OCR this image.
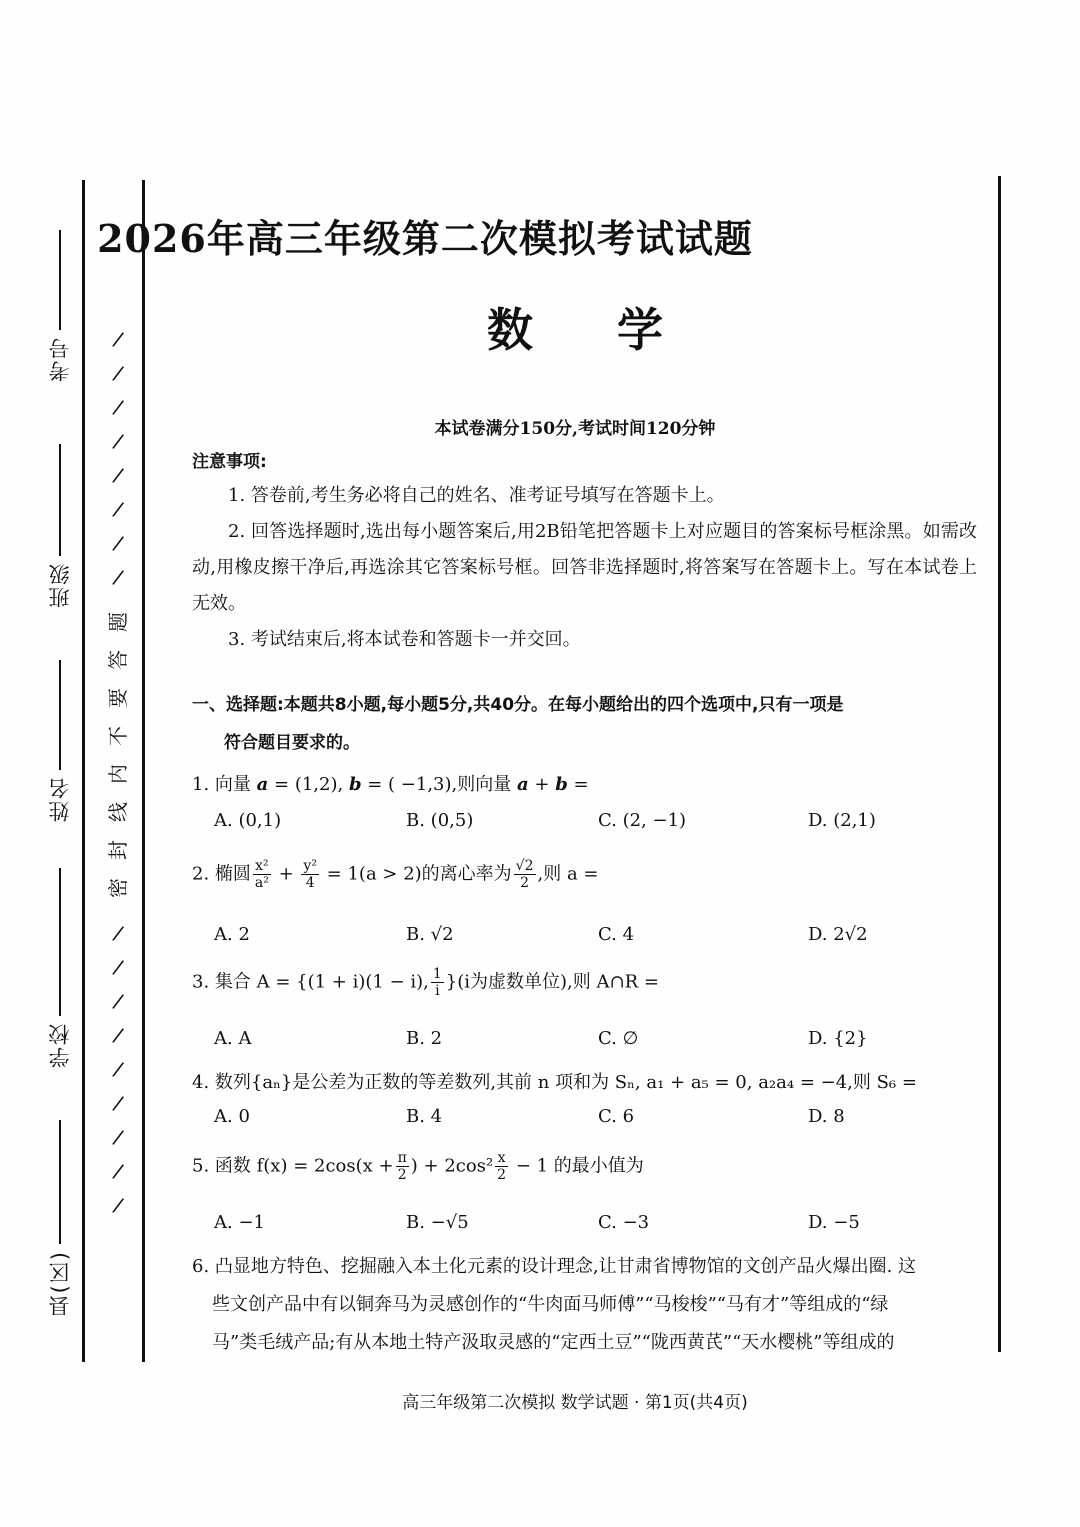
考号
班级
姓名
学校
县(区)
/
/
/
/
/
/
/
/
题
答
要
不
内
线
封
密
/
/
/
/
/
/
/
/
/
2026年高三年级第二次模拟考试试题
数学
本试卷满分150分,考试时间120分钟
注意事项:

1. 答卷前,考生务必将自己的姓名、准考证号填写在答题卡上。

2. 回答选择题时,选出每小题答案后,用2B铅笔把答题卡上对应题目的答案标号框涂黑。如需改动,用橡皮擦干净后,再选涂其它答案标号框。回答非选择题时,将答案写在答题卡上。写在本试卷上无效。

3. 考试结束后,将本试卷和答题卡一并交回。

一、选择题:本题共8小题,每小题5分,共40分。在每小题给出的四个选项中,只有一项是
符合题目要求的。
1. 向量 a = (1,2), b = ( −1,3),则向量 a + b =
A. (0,1)	B. (0,5)	C. (2, −1)	D. (2,1)
2. 椭圆 $\frac{\text{x²}}{\text{a²}} + \frac{\text{y²}}{4} = 1(a > 2)$的离心率为 $\frac{√2}{2}$ ,则 a =
A. 2	B. √2	C. 4	D. 2√2
3. 集合 A = {(1 + i)(1 − i), $\frac{1}{i} \}(i$为虚数单位),则 A∩R =
A. A	B. 2	C. ∅	D. {2}
4. 数列{aₙ}是公差为正数的等差数列,其前 n 项和为 Sₙ, a₁ + a₅ = 0, a₂a₄ = −4,则 S₆ =
A. 0	B. 4	C. 6	D. 8
5. 函数 $f(x) = 2\cos(x + \frac{\pi}{2}$ ) + $2\cos^2 \frac{x}{2} - 1$ 的最小值为
A. −1	B. −√5	C. −3	D. −5
6. 凸显地方特色、挖掘融入本土化元素的设计理念,让甘肃省博物馆的文创产品火爆出圈. 这
些文创产品中有以铜奔马为灵感创作的“牛肉面马师傅”“马梭梭”“马有才”等组成的“绿
马”类毛绒产品;有从本地土特产汲取灵感的“定西土豆”“陇西黄芪”“天水樱桃”等组成的
高三年级第二次模拟 数学试题 · 第1页(共4页)
